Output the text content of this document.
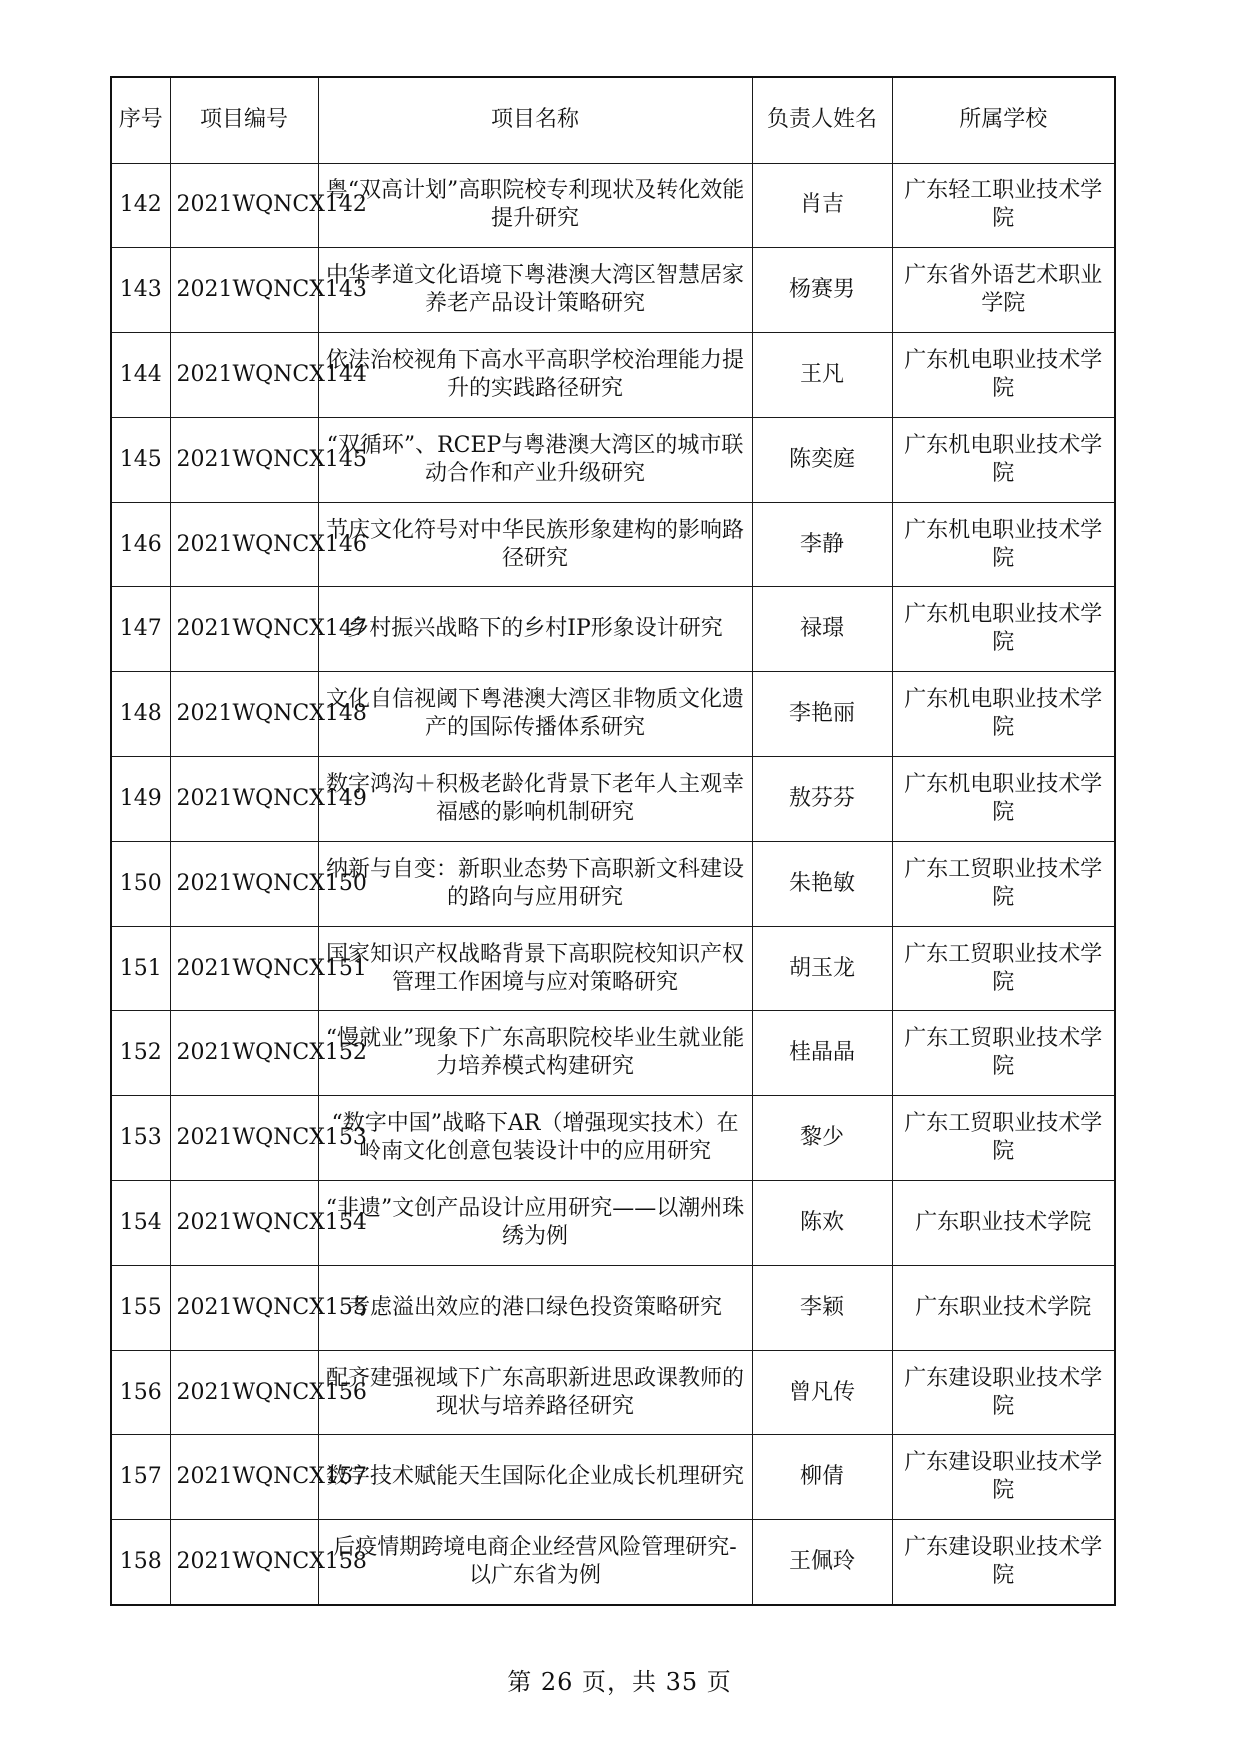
序号	项目编号	项目名称	负责人姓名	所属学校
142	2021WQNCX142	粤“双高计划”高职院校专利现状及转化效能提升研究	肖吉	广东轻工职业技术学院
143	2021WQNCX143	中华孝道文化语境下粤港澳大湾区智慧居家养老产品设计策略研究	杨赛男	广东省外语艺术职业学院
144	2021WQNCX144	依法治校视角下高水平高职学校治理能力提升的实践路径研究	王凡	广东机电职业技术学院
145	2021WQNCX145	“双循环”、RCEP与粤港澳大湾区的城市联动合作和产业升级研究	陈奕庭	广东机电职业技术学院
146	2021WQNCX146	节庆文化符号对中华民族形象建构的影响路径研究	李静	广东机电职业技术学院
147	2021WQNCX147	乡村振兴战略下的乡村IP形象设计研究	禄璟	广东机电职业技术学院
148	2021WQNCX148	文化自信视阈下粤港澳大湾区非物质文化遗产的国际传播体系研究	李艳丽	广东机电职业技术学院
149	2021WQNCX149	数字鸿沟＋积极老龄化背景下老年人主观幸福感的影响机制研究	敖芬芬	广东机电职业技术学院
150	2021WQNCX150	纳新与自变：新职业态势下高职新文科建设的路向与应用研究	朱艳敏	广东工贸职业技术学院
151	2021WQNCX151	国家知识产权战略背景下高职院校知识产权管理工作困境与应对策略研究	胡玉龙	广东工贸职业技术学院
152	2021WQNCX152	“慢就业”现象下广东高职院校毕业生就业能力培养模式构建研究	桂晶晶	广东工贸职业技术学院
153	2021WQNCX153	“数字中国”战略下AR（增强现实技术）在岭南文化创意包装设计中的应用研究	黎少	广东工贸职业技术学院
154	2021WQNCX154	“非遗”文创产品设计应用研究——以潮州珠绣为例	陈欢	广东职业技术学院
155	2021WQNCX155	考虑溢出效应的港口绿色投资策略研究	李颖	广东职业技术学院
156	2021WQNCX156	配齐建强视域下广东高职新进思政课教师的现状与培养路径研究	曾凡传	广东建设职业技术学院
157	2021WQNCX157	数字技术赋能天生国际化企业成长机理研究	柳倩	广东建设职业技术学院
158	2021WQNCX158	后疫情期跨境电商企业经营风险管理研究-以广东省为例	王佩玲	广东建设职业技术学院
第 26 页，共 35 页
